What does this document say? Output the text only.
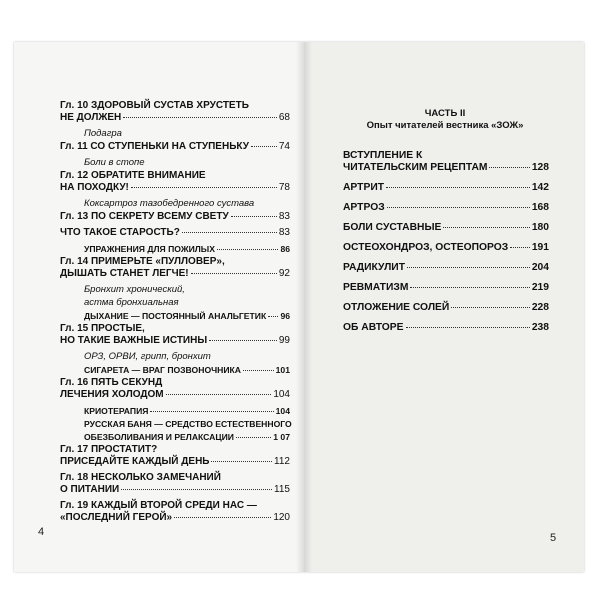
Гл. 10 ЗДОРОВЫЙ СУСТАВ ХРУСТЕТЬ
НЕ ДОЛЖЕН	68
Подагра
Гл. 11 СО СТУПЕНЬКИ НА СТУПЕНЬКУ	74
Боли в стопе
Гл. 12 ОБРАТИТЕ ВНИМАНИЕ
НА ПОХОДКУ!	78
Коксартроз тазобедренного сустава
Гл. 13 ПО СЕКРЕТУ ВСЕМУ СВЕТУ	83
ЧТО ТАКОЕ СТАРОСТЬ?	83
УПРАЖНЕНИЯ ДЛЯ ПОЖИЛЫХ	86
Гл. 14 ПРИМЕРЬТЕ «ПУЛЛОВЕР»,
ДЫШАТЬ СТАНЕТ ЛЕГЧЕ!	92
Бронхит хронический,
астма бронхиальная
ДЫХАНИЕ — ПОСТОЯННЫЙ АНАЛЬГЕТИК 96
Гл. 15 ПРОСТЫЕ,
НО ТАКИЕ ВАЖНЫЕ ИСТИНЫ	99
ОРЗ, ОРВИ, грипп, бронхит
СИГАРЕТА — ВРАГ ПОЗВОНОЧНИКА	101
Гл. 16 ПЯТЬ СЕКУНД
ЛЕЧЕНИЯ ХОЛОДОМ	104
КРИОТЕРАПИЯ	104
РУССКАЯ БАНЯ — СРЕДСТВО ЕСТЕСТВЕННОГО
ОБЕЗБОЛИВАНИЯ И РЕЛАКСАЦИИ	1 07
Гл. 17 ПРОСТАТИТ?
ПРИСЕДАЙТЕ КАЖДЫЙ ДЕНЬ	112
Гл. 18 НЕСКОЛЬКО ЗАМЕЧАНИЙ
О ПИТАНИИ	115
Гл. 19 КАЖДЫЙ ВТОРОЙ СРЕДИ НАС —
«ПОСЛЕДНИЙ ГЕРОЙ»	120
ЧАСТЬ II
Опыт читателей вестника «ЗОЖ»
ВСТУПЛЕНИЕ К
ЧИТАТЕЛЬСКИМ РЕЦЕПТАМ	128
АРТРИТ	142
АРТРОЗ	168
БОЛИ СУСТАВНЫЕ	180
ОСТЕОХОНДРОЗ, ОСТЕОПОРОЗ 191
РАДИКУЛИТ	204
РЕВМАТИЗМ	219
ОТЛОЖЕНИЕ СОЛЕЙ	228
ОБ АВТОРЕ	238
4	5
